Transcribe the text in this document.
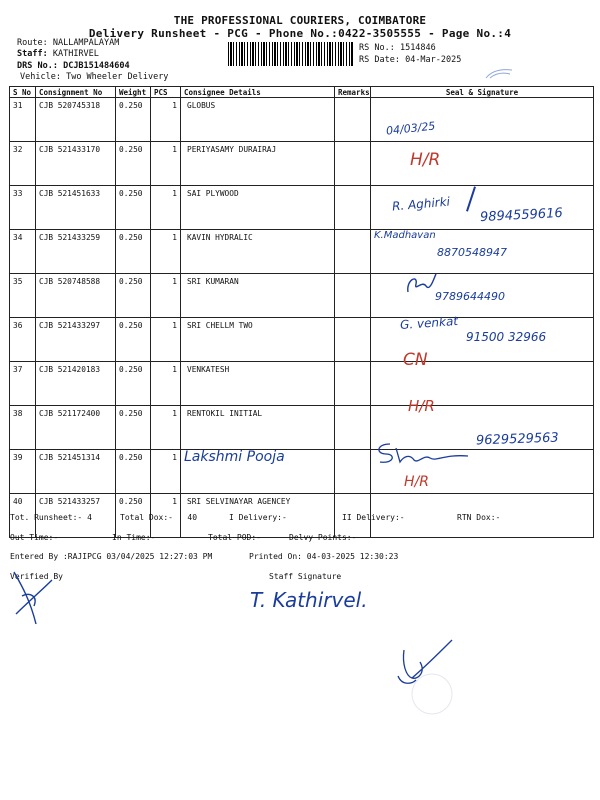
THE PROFESSIONAL COURIERS, COIMBATORE
Delivery Runsheet - PCG - Phone No.:0422-3505555 - Page No.:4
Route: NALLAMPALAYAM
Staff: KATHIRVEL
DRS No.: DCJB151484604
Vehicle: Two Wheeler Delivery
RS No.: 1514846
RS Date: 04-Mar-2025
S No	Consignment No	Weight	PCS	Consignee Details	Remarks	Seal & Signature
31	CJB 520745318	0.250	1	GLOBUS		
32	CJB 521433170	0.250	1	PERIYASAMY DURAIRAJ		
33	CJB 521451633	0.250	1	SAI PLYWOOD		
34	CJB 521433259	0.250	1	KAVIN HYDRALIC		
35	CJB 520748588	0.250	1	SRI KUMARAN		
36	CJB 521433297	0.250	1	SRI CHELLM TWO		
37	CJB 521420183	0.250	1	VENKATESH		
38	CJB 521172400	0.250	1	RENTOKIL INITIAL		
39	CJB 521451314	0.250	1			
40	CJB 521433257	0.250	1	SRI SELVINAYAR AGENCEY		
04/03/25
H/R
R. Aghirki
9894559616
K.Madhavan
8870548947
9789644490
G. venkat
91500 32966
CN
H/R
Lakshmi Pooja
9629529563
H/R
Tot. Runsheet:- 4	Total Dox:-   40	I Delivery:-	II Delivery:-	RTN Dox:-
Out Time:-	In Time:-	Total POD:-	Delvy Points:-
Entered By :RAJIPCG 03/04/2025 12:27:03 PM	Printed On: 04-03-2025 12:30:23
Verified By	Staff Signature
T. Kathirvel.
